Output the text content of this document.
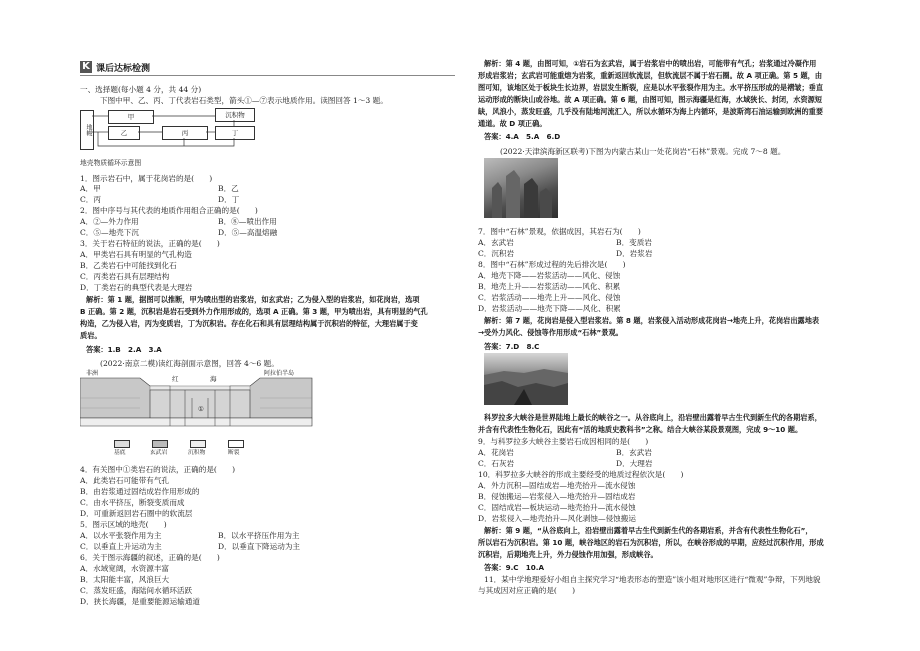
K 课后达标检测
一、选择题(每小题 4 分，共 44 分)
下图中甲、乙、丙、丁代表岩石类型，箭头①—⑦表示地质作用。读图回答 1～3 题。
地幔
甲
乙	丙	丁
沉积物
地壳物质循环示意图
1．图示岩石中，属于花岗岩的是(　　)
A．甲	B．乙
C．丙	D．丁
2．图中序号与其代表的地质作用组合正确的是(　　)
A．②—外力作用	B．⑧—喷出作用
C．⑤—地壳下沉	D．⑤—高温熔融
3．关于岩石特征的说法，正确的是(　　)
A．甲类岩石具有明显的气孔构造
B．乙类岩石中可能找到化石
C．丙类岩石具有层理结构
D．丁类岩石的典型代表是大理岩
解析：第 1 题，据图可以推断，甲为喷出型的岩浆岩，如玄武岩；乙为侵入型的岩浆岩，如花岗岩，选项
B 正确。第 2 题，沉积岩是岩石受到外力作用形成的，选项 A 正确。第 3 题，甲为喷出岩，具有明显的气孔
构造，乙为侵入岩，丙为变质岩，丁为沉积岩。存在化石和具有层理结构属于沉积岩的特征，大理岩属于变
质岩。
答案：1.B　2.A　3.A
(2022·南京二模)读红海剖面示意图，回答 4～6 题。
非洲
红	海
阿拉伯半岛
①
基底	玄武岩	沉积物	断裂
4．有关图中①类岩石的说法，正确的是(　　)
A．此类岩石可能带有气孔
B．由岩浆通过固结成岩作用形成的
C．由水平挤压，断裂变质而成
D．可重新返回岩石圈中的软流层
5．图示区域的地壳(　　)
A．以水平张裂作用为主	B．以水平挤压作用为主
C．以垂直上升运动为主	D．以垂直下降运动为主
6．关于图示海疆的叙述，正确的是(　　)
A．水域宽阔，水资源丰富
B．太阳能丰富，风浪巨大
C．蒸发旺盛，海陆间水循环活跃
D．狭长海疆，是重要能源运输通道
解析：第 4 题，由图可知，①岩石为玄武岩，属于岩浆岩中的喷出岩，可能带有气孔；岩浆通过冷凝作用
形成岩浆岩；玄武岩可能重熔为岩浆，重新返回软流层，但软流层不属于岩石圈。故 A 项正确。第 5 题，由
图可知，该地区处于板块生长边界，岩层发生断裂，应是以水平张裂作用为主。水平挤压形成的是褶皱；垂直
运动形成的断块山或谷地。故 A 项正确。第 6 题，由图可知，图示海疆是红海，水域狭长、封闭，水资源短
缺，风浪小，蒸发旺盛，几乎没有陆地河流汇入，所以水循环为海上内循环，是波斯湾石油运输到欧洲的重要
通道。故 D 项正确。
答案：4.A　5.A　6.D
(2022·天津滨海新区联考)下图为内蒙古某山一处花岗岩“石林”景观。完成 7～8 题。
7．图中“石林”景观，依据成因，其岩石为(　　)
A．玄武岩	B．变质岩
C．沉积岩	D．岩浆岩
8．图中“石林”形成过程的先后排次是(　　)
A．地壳下降——岩浆活动——风化、侵蚀
B．地壳上升——岩浆活动——风化、积累
C．岩浆活动——地壳上升——风化、侵蚀
D．岩浆活动——地壳下降——风化、积累
解析：第 7 题，花岗岩是侵入型岩浆岩。第 8 题，岩浆侵入活动形成花岗岩→地壳上升，花岗岩出露地表
→受外力风化、侵蚀等作用形成“石林”景观。
答案：7.D　8.C
科罗拉多大峡谷是世界陆地上最长的峡谷之一。从谷底向上，沿岩壁出露着早古生代到新生代的各期岩系，
并含有代表性生物化石，因此有“活的地质史教科书”之称。结合大峡谷某段景观图，完成 9～10 题。
9．与科罗拉多大峡谷主要岩石成因相同的是(　　)
A．花岗岩	B．玄武岩
C．石灰岩	D．大理岩
10．科罗拉多大峡谷的形成主要经受的地质过程依次是(　　)
A．外力沉积—固结成岩—地壳抬升—流水侵蚀
B．侵蚀搬运—岩浆侵入—地壳抬升—固结成岩
C．固结成岩—板块运动—地壳抬升—流水侵蚀
D．岩浆侵入—地壳抬升—风化剥蚀—侵蚀搬运
解析：第 9 题，“从谷底向上，沿岩壁出露着早古生代到新生代的各期岩系，并含有代表性生物化石”，
所以岩石为沉积岩。第 10 题，峡谷地区的岩石为沉积岩，所以，在峡谷形成的早期，应经过沉积作用，形成
沉积岩，后期地壳上升，外力侵蚀作用加强，形成峡谷。
答案：9.C　10.A
11．某中学地理爱好小组自主探究学习“地表形态的塑造”该小组对地形区进行“微观”争辩，下列地貌
与其成因对应正确的是(　　)
